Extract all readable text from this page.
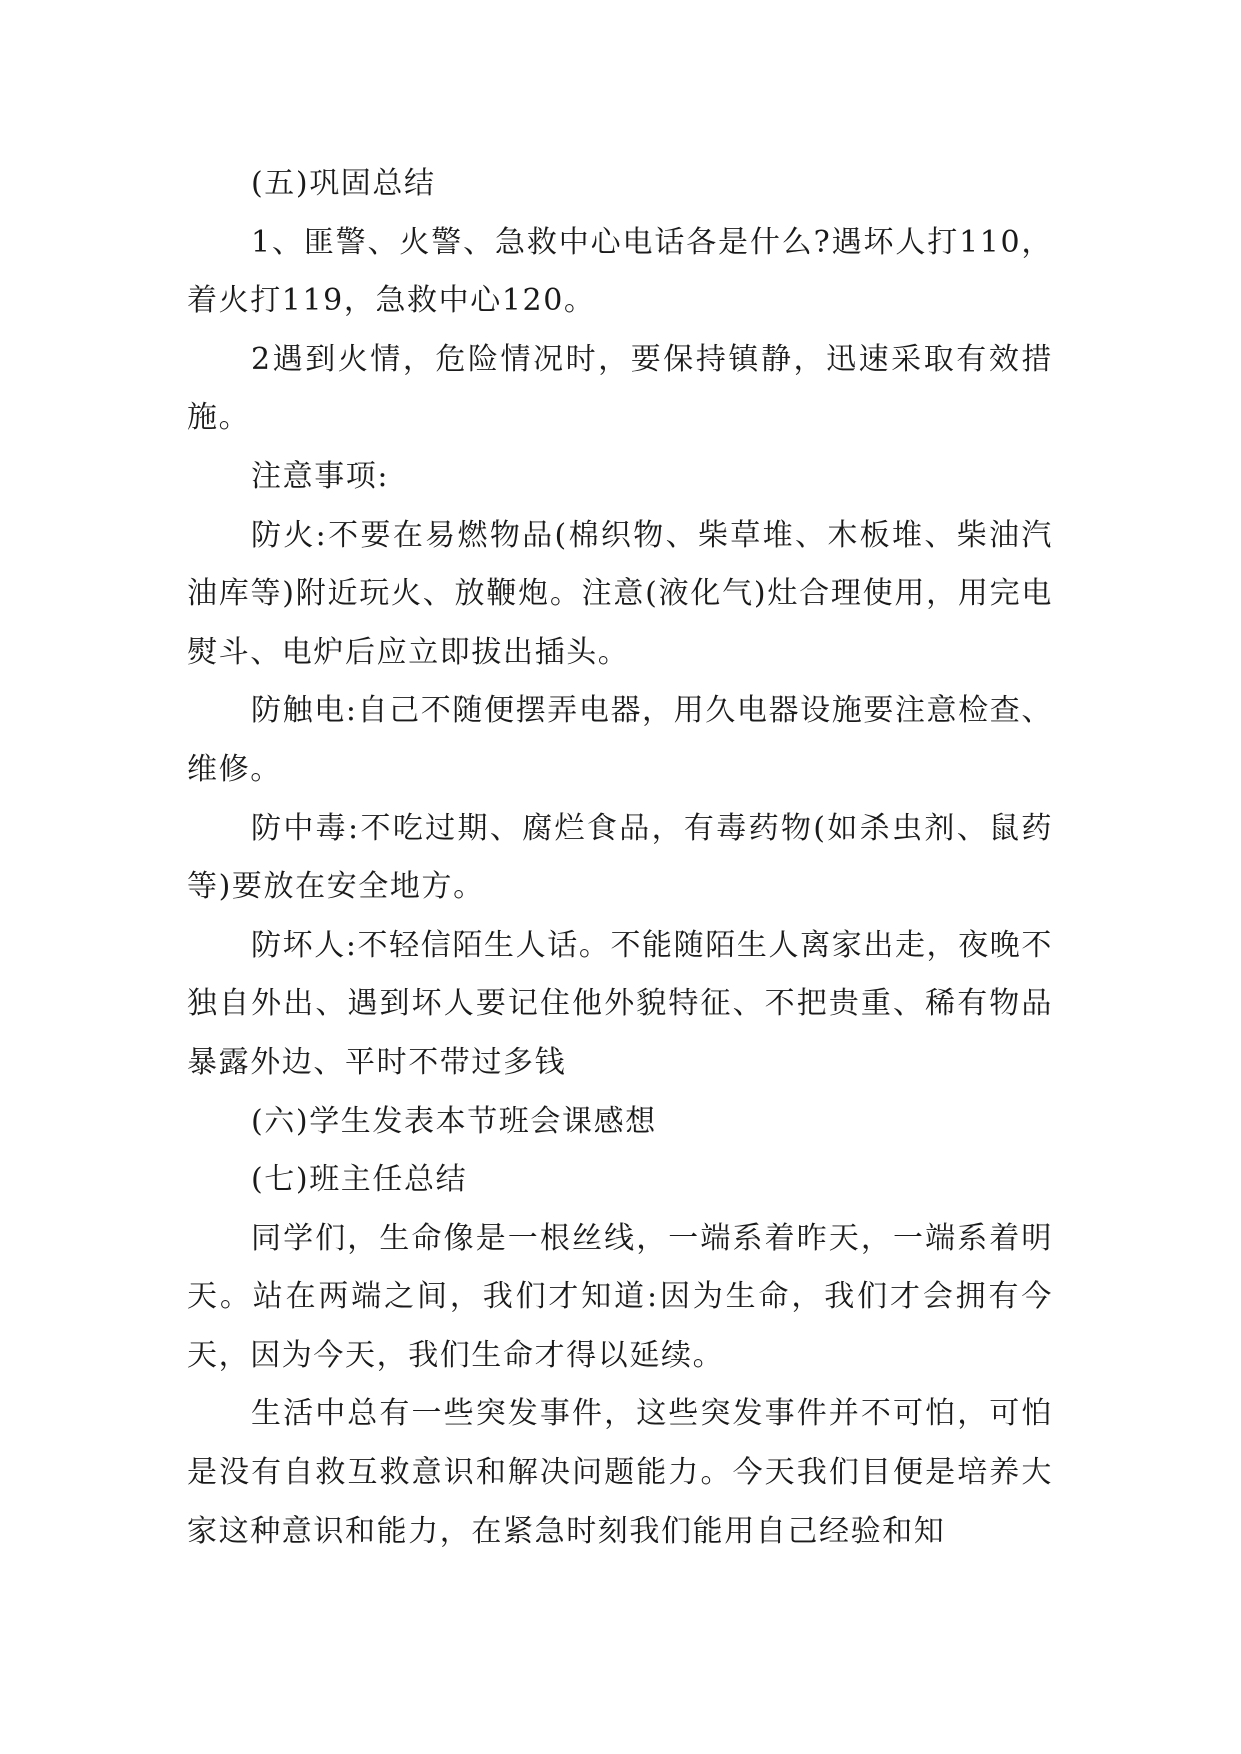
(五)巩固总结

1、匪警、火警、急救中心电话各是什么?遇坏人打110，着火打119，急救中心120。

2遇到火情，危险情况时，要保持镇静，迅速采取有效措施。

注意事项:

防火:不要在易燃物品(棉织物、柴草堆、木板堆、柴油汽油库等)附近玩火、放鞭炮。注意(液化气)灶合理使用，用完电熨斗、电炉后应立即拔出插头。

防触电:自己不随便摆弄电器，用久电器设施要注意检查、维修。

防中毒:不吃过期、腐烂食品，有毒药物(如杀虫剂、鼠药等)要放在安全地方。

防坏人:不轻信陌生人话。不能随陌生人离家出走，夜晚不独自外出、遇到坏人要记住他外貌特征、不把贵重、稀有物品暴露外边、平时不带过多钱

(六)学生发表本节班会课感想

(七)班主任总结

同学们，生命像是一根丝线，一端系着昨天，一端系着明天。站在两端之间，我们才知道:因为生命，我们才会拥有今天，因为今天，我们生命才得以延续。

生活中总有一些突发事件，这些突发事件并不可怕，可怕是没有自救互救意识和解决问题能力。今天我们目便是培养大家这种意识和能力，在紧急时刻我们能用自己经验和知
